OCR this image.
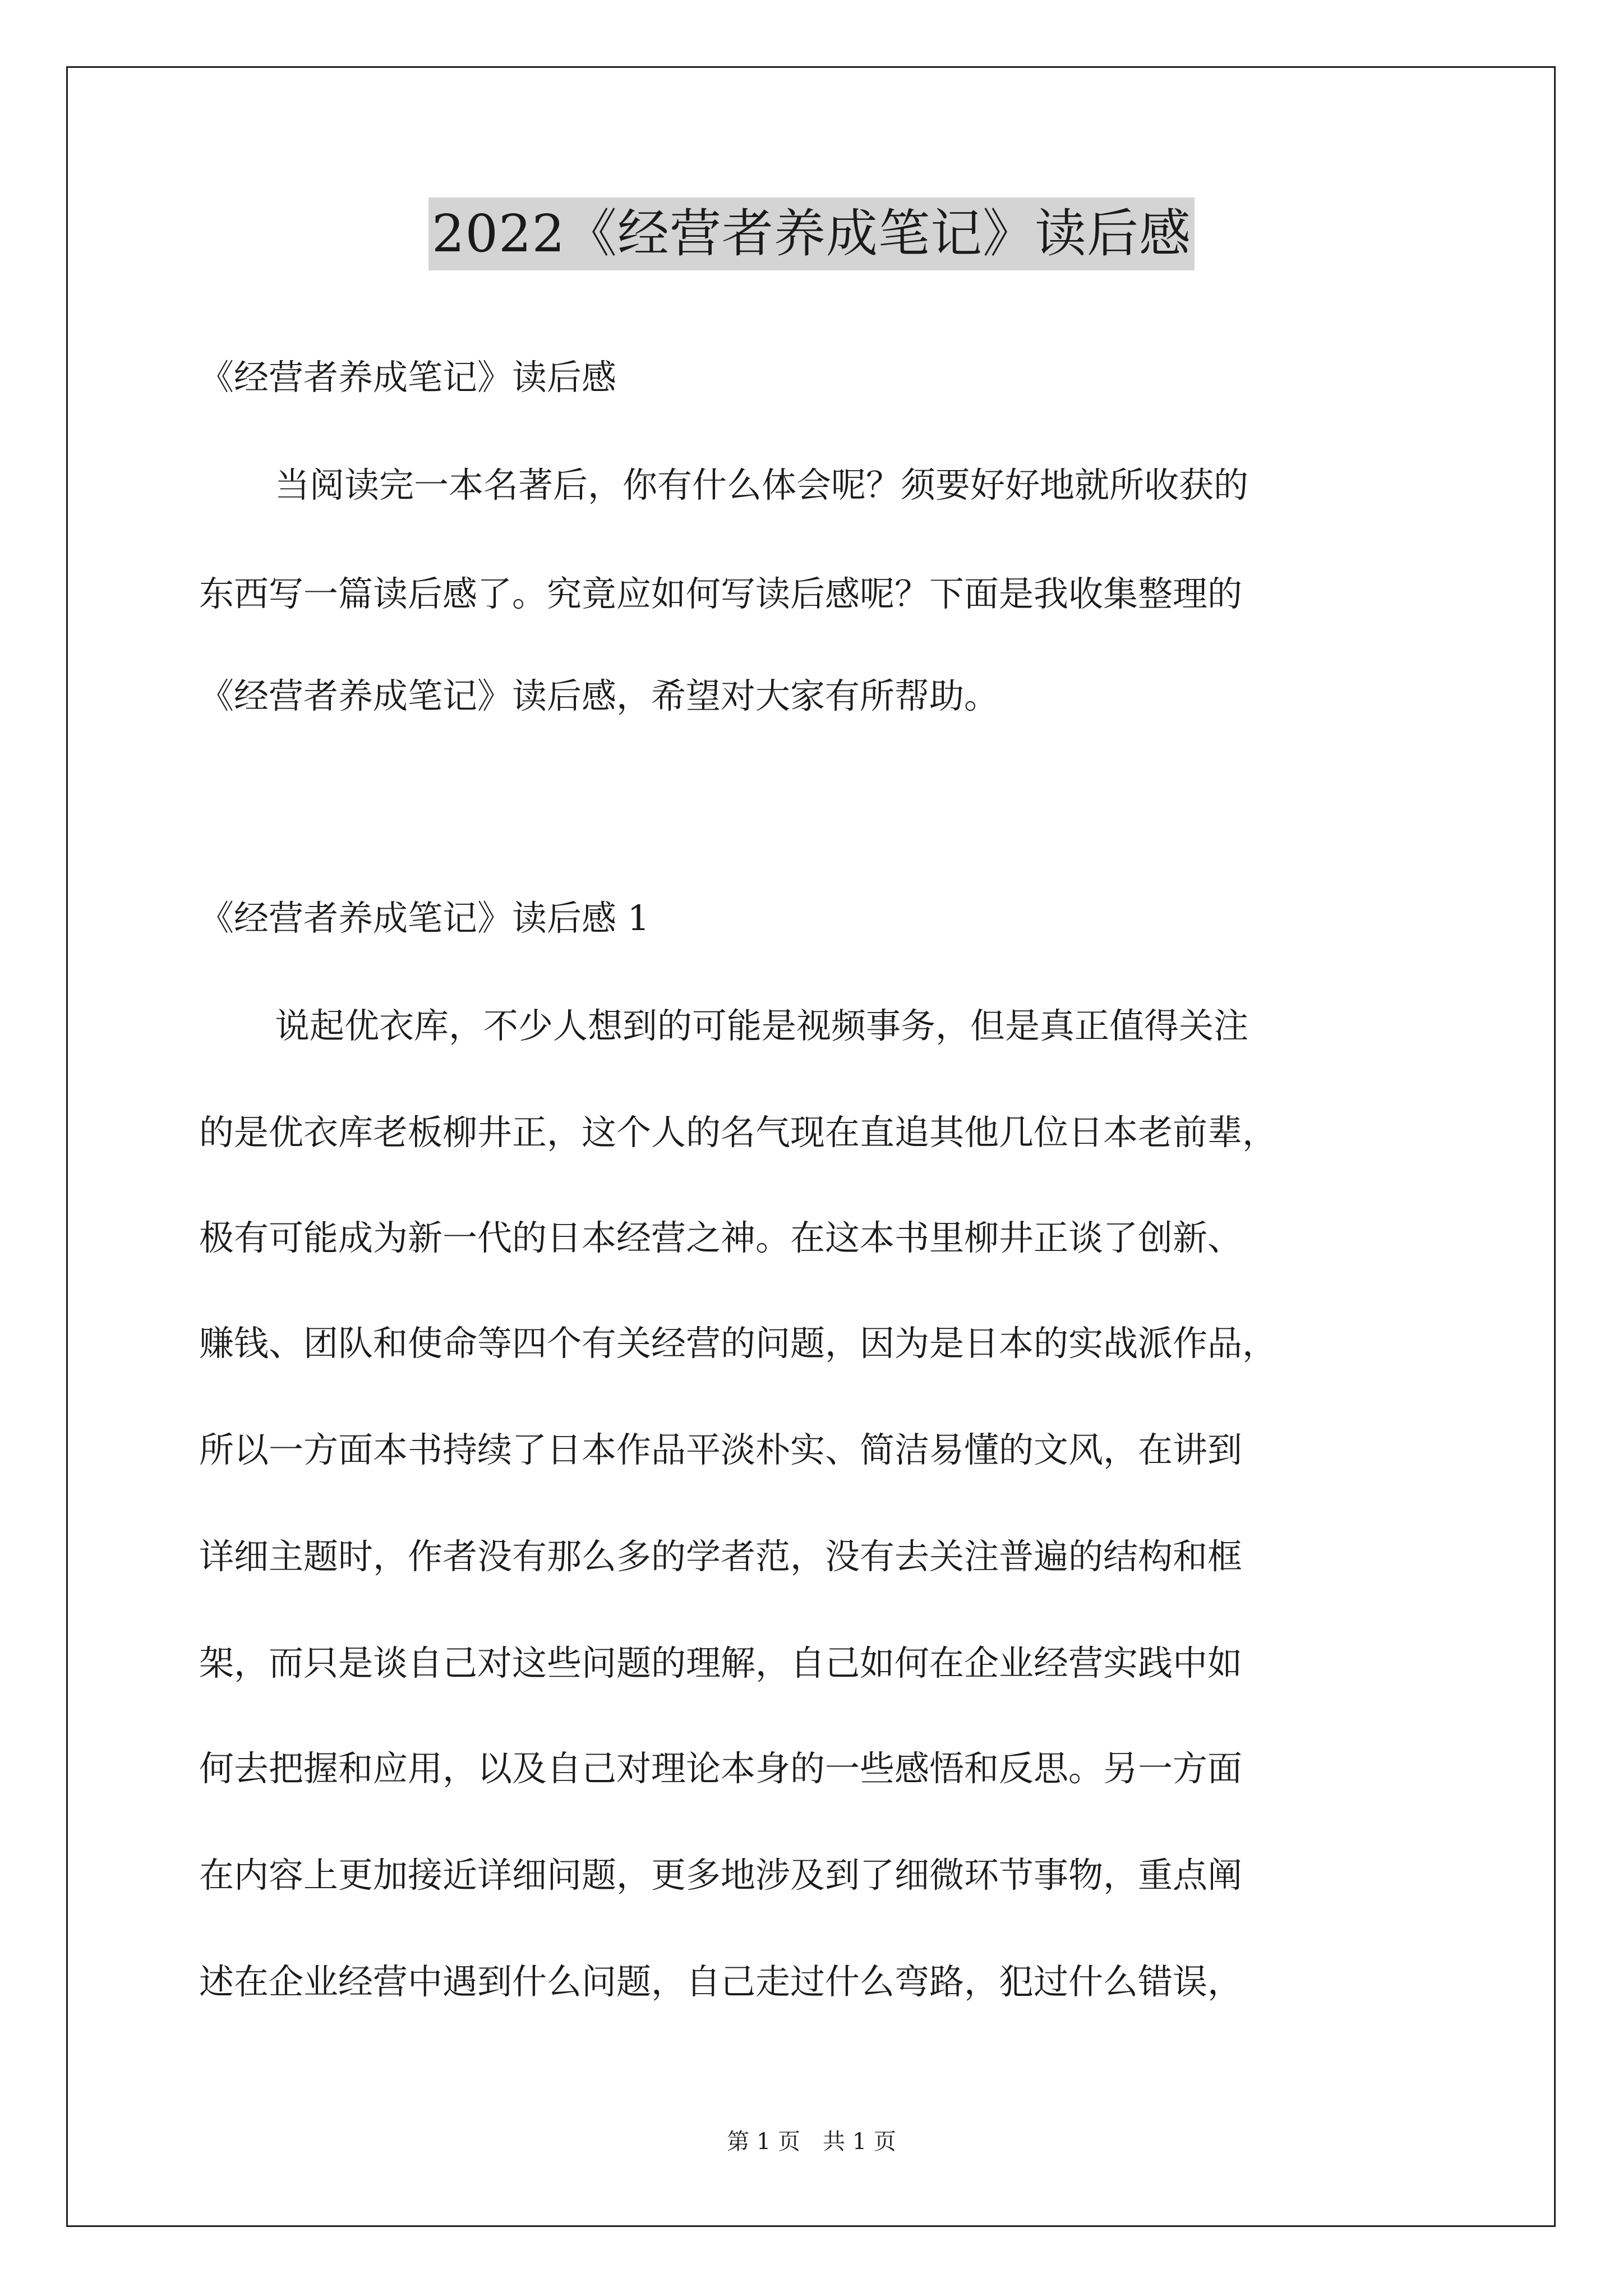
2022《经营者养成笔记》读后感
《经营者养成笔记》读后感
当阅读完一本名著后，你有什么体会呢？须要好好地就所收获的
东西写一篇读后感了。究竟应如何写读后感呢？下面是我收集整理的
《经营者养成笔记》读后感，希望对大家有所帮助。
《经营者养成笔记》读后感 1
说起优衣库，不少人想到的可能是视频事务，但是真正值得关注
的是优衣库老板柳井正，这个人的名气现在直追其他几位日本老前辈，
极有可能成为新一代的日本经营之神。在这本书里柳井正谈了创新、
赚钱、团队和使命等四个有关经营的问题，因为是日本的实战派作品，
所以一方面本书持续了日本作品平淡朴实、简洁易懂的文风，在讲到
详细主题时，作者没有那么多的学者范，没有去关注普遍的结构和框
架，而只是谈自己对这些问题的理解，自己如何在企业经营实践中如
何去把握和应用，以及自己对理论本身的一些感悟和反思。另一方面
在内容上更加接近详细问题，更多地涉及到了细微环节事物，重点阐
述在企业经营中遇到什么问题，自己走过什么弯路，犯过什么错误，
第 1 页　共 1 页
